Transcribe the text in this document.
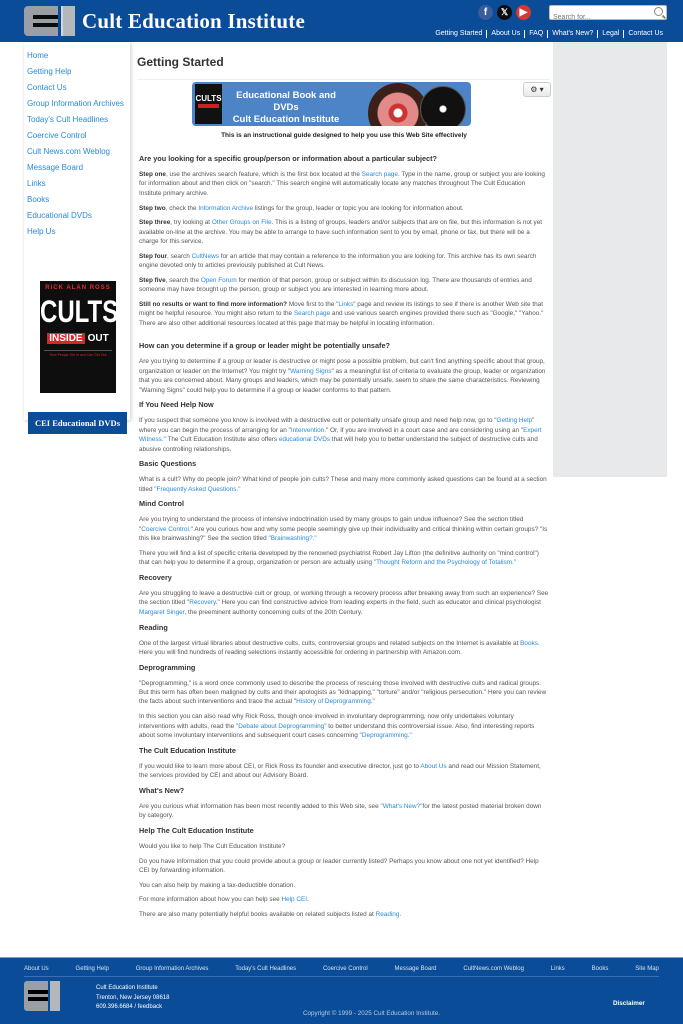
Cult Education Institute	f	𝕏	▶
Search for...
Getting Started	About Us	FAQ	What's New?	Legal	Contact Us
Home
Getting Help
Contact Us
Group Information Archives
Today's Cult Headlines
Coercive Control
Cult News.com Weblog
Message Board
Links
Books
Educational DVDs
Help Us
RICK ALAN ROSS
CULTS
INSIDE OUT
How People Get In and Can Get Out
CEI Educational DVDs
Getting Started
CULTS	Educational Book and DVDs
Cult Education Institute
⚙ ▾
This is an instructional guide designed to help you use this Web Site effectively
Are you looking for a specific group/person or information about a particular subject?

Step one, use the archives search feature, which is the first box located at the Search page. Type in the name, group or subject you are looking for information about and then click on "search." This search engine will automatically locate any matches throughout The Cult Education Institute primary archive.

Step two, check the Information Archive listings for the group, leader or topic you are looking for information about.

Step three, try looking at Other Groups on File. This is a listing of groups, leaders and/or subjects that are on file, but this information is not yet available on-line at the archive. You may be able to arrange to have such information sent to you by email, phone or fax, but there will be a charge for this service.

Step four, search CultNews for an article that may contain a reference to the information you are looking for. This archive has its own search engine devoted only to articles previously published at Cult News.

Step five, search the Open Forum for mention of that person, group or subject within its discussion log. There are thousands of entries and someone may have brought up the person, group or subject you are interested in learning more about.

Still no results or want to find more information? Move first to the "Links" page and review its listings to see if there is another Web site that might be helpful resource. You might also return to the Search page and use various search engines provided there such as "Google," "Yahoo." There are also other additional resources located at this page that may be helpful in locating information.

How can you determine if a group or leader might be potentially unsafe?

Are you trying to determine if a group or leader is destructive or might pose a possible problem, but can't find anything specific about that group, organization or leader on the Internet? You might try "Warning Signs" as a meaningful list of criteria to evaluate the group, leader or organization that you are concerned about. Many groups and leaders, which may be potentially unsafe, seem to share the same characteristics. Reviewing "Warning Signs" could help you to determine if a group or leader conforms to that pattern.

If You Need Help Now

If you suspect that someone you know is involved with a destructive cult or potentially unsafe group and need help now, go to "Getting Help" where you can begin the process of arranging for an "Intervention." Or, if you are involved in a court case and are considering using an "Expert Witness." The Cult Education Institute also offers educational DVDs that will help you to better understand the subject of destructive cults and abusive controlling relationships.

Basic Questions

What is a cult? Why do people join? What kind of people join cults? These and many more commonly asked questions can be found at a section titled "Frequently Asked Questions."

Mind Control

Are you trying to understand the process of intensive indoctrination used by many groups to gain undue influence? See the section titled "Coercive Control." Are you curious how and why some people seemingly give up their individuality and critical thinking within certain groups? "Is this like brainwashing?" See the section titled "Brainwashing?."

There you will find a list of specific criteria developed by the renowned psychiatrist Robert Jay Lifton (the definitive authority on "mind control") that can help you to determine if a group, organization or person are actually using "Thought Reform and the Psychology of Totalism."

Recovery

Are you struggling to leave a destructive cult or group, or working through a recovery process after breaking away from such an experience? See the section titled "Recovery." Here you can find constructive advice from leading experts in the field, such as educator and clinical psychologist Margaret Singer, the preeminent authority concerning cults of the 20th Century.

Reading

One of the largest virtual libraries about destructive cults, cults, controversial groups and related subjects on the Internet is available at Books. Here you will find hundreds of reading selections instantly accessible for ordering in partnership with Amazon.com.

Deprogramming

"Deprogramming," is a word once commonly used to describe the process of rescuing those involved with destructive cults and radical groups. But this term has often been maligned by cults and their apologists as "kidnapping," "torture" and/or "religious persecution." Here you can review the facts about such interventions and trace the actual "History of Deprogramming."

In this section you can also read why Rick Ross, though once involved in involuntary deprogramming, now only undertakes voluntary interventions with adults, read the "Debate about Deprogramming" to better understand this controversial issue. Also, find interesting reports about some involuntary interventions and subsequent court cases concerning "Deprogramming."

The Cult Education Institute

If you would like to learn more about CEI, or Rick Ross its founder and executive director, just go to About Us and read our Mission Statement, the services provided by CEI and about our Advisory Board.

What's New?

Are you curious what information has been most recently added to this Web site, see "What's New?"for the latest posted material broken down by category.

Help The Cult Education Institute

Would you like to help The Cult Education Institute?

Do you have information that you could provide about a group or leader currently listed? Perhaps you know about one not yet identified? Help CEI by forwarding information.

You can also help by making a tax-deductible donation.

For more information about how you can help see Help CEI.

There are also many potentially helpful books available on related subjects listed at Reading.

About Us	Getting Help	Group Information Archives	Today's Cult Headlines	Coercive Control	Message Board	CultNews.com Weblog	Links	Books	Site Map
Cult Education Institute
Trenton, New Jersey 08618
609.396.6684 / feedback
Copyright © 1999 - 2025 Cult Education Institute.
Disclaimer
